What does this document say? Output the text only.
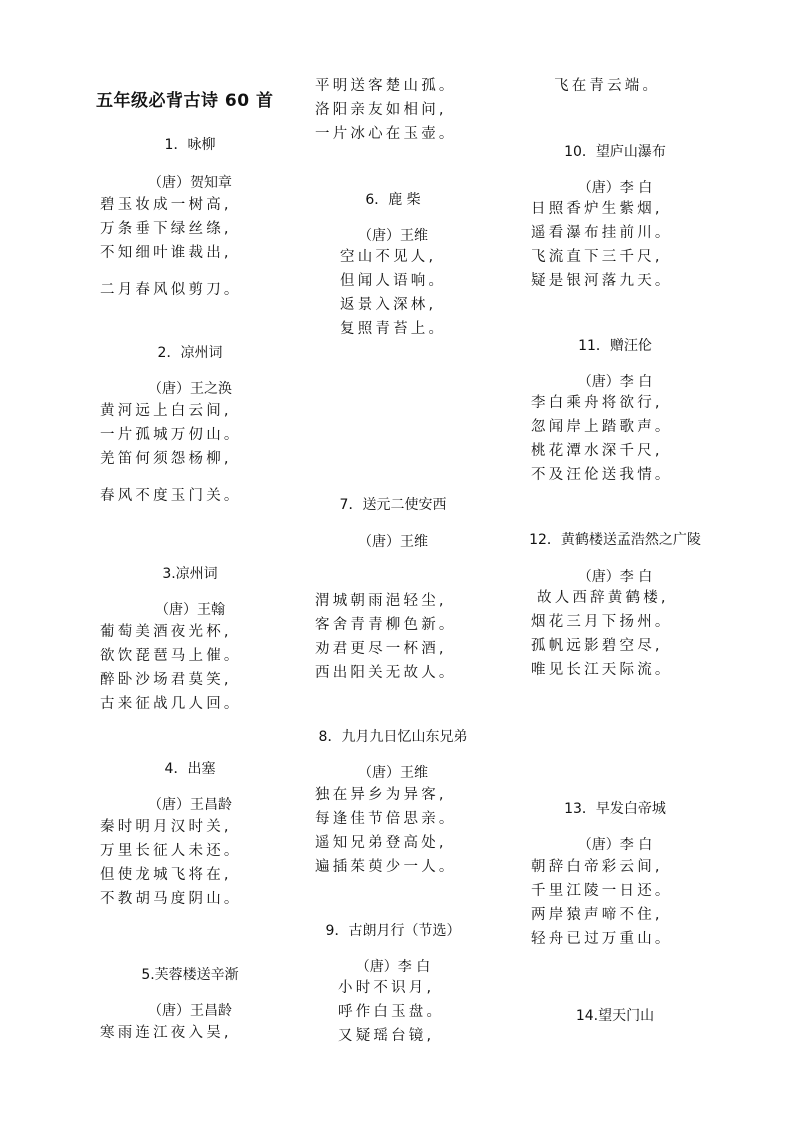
五年级必背古诗 60 首
1．咏柳
（唐）贺知章
碧玉妆成一树高,
万条垂下绿丝绦,
不知细叶谁裁出,
二月春风似剪刀。
2．凉州词
（唐）王之涣
黄河远上白云间,
一片孤城万仞山。
羌笛何须怨杨柳,
春风不度玉门关。
3.凉州词
（唐）王翰
葡萄美酒夜光杯,
欲饮琵琶马上催。
醉卧沙场君莫笑,
古来征战几人回。
4．出塞
（唐）王昌龄
秦时明月汉时关,
万里长征人未还。
但使龙城飞将在,
不教胡马度阴山。
5.芙蓉楼送辛渐
（唐）王昌龄
寒雨连江夜入吴,
平明送客楚山孤。
洛阳亲友如相问,
一片冰心在玉壶。
6．鹿 柴
（唐）王维
空山不见人,
但闻人语响。
返景入深林,
复照青苔上。
7．送元二使安西
（唐）王维
渭城朝雨浥轻尘,
客舍青青柳色新。
劝君更尽一杯酒,
西出阳关无故人。
8．九月九日忆山东兄弟
（唐）王维
独在异乡为异客,
每逢佳节倍思亲。
遥知兄弟登高处,
遍插茱萸少一人。
9．古朗月行（节选）
（唐）李 白
小时不识月,
呼作白玉盘。
又疑瑶台镜,
飞在青云端。
10．望庐山瀑布
（唐）李 白
日照香炉生紫烟,
遥看瀑布挂前川。
飞流直下三千尺,
疑是银河落九天。
11．赠汪伦
（唐）李 白
李白乘舟将欲行,
忽闻岸上踏歌声。
桃花潭水深千尺,
不及汪伦送我情。
12．黄鹤楼送孟浩然之广陵
（唐）李 白
故人西辞黄鹤楼,
烟花三月下扬州。
孤帆远影碧空尽,
唯见长江天际流。
13．早发白帝城
（唐）李 白
朝辞白帝彩云间,
千里江陵一日还。
两岸猿声啼不住,
轻舟已过万重山。
14.望天门山
